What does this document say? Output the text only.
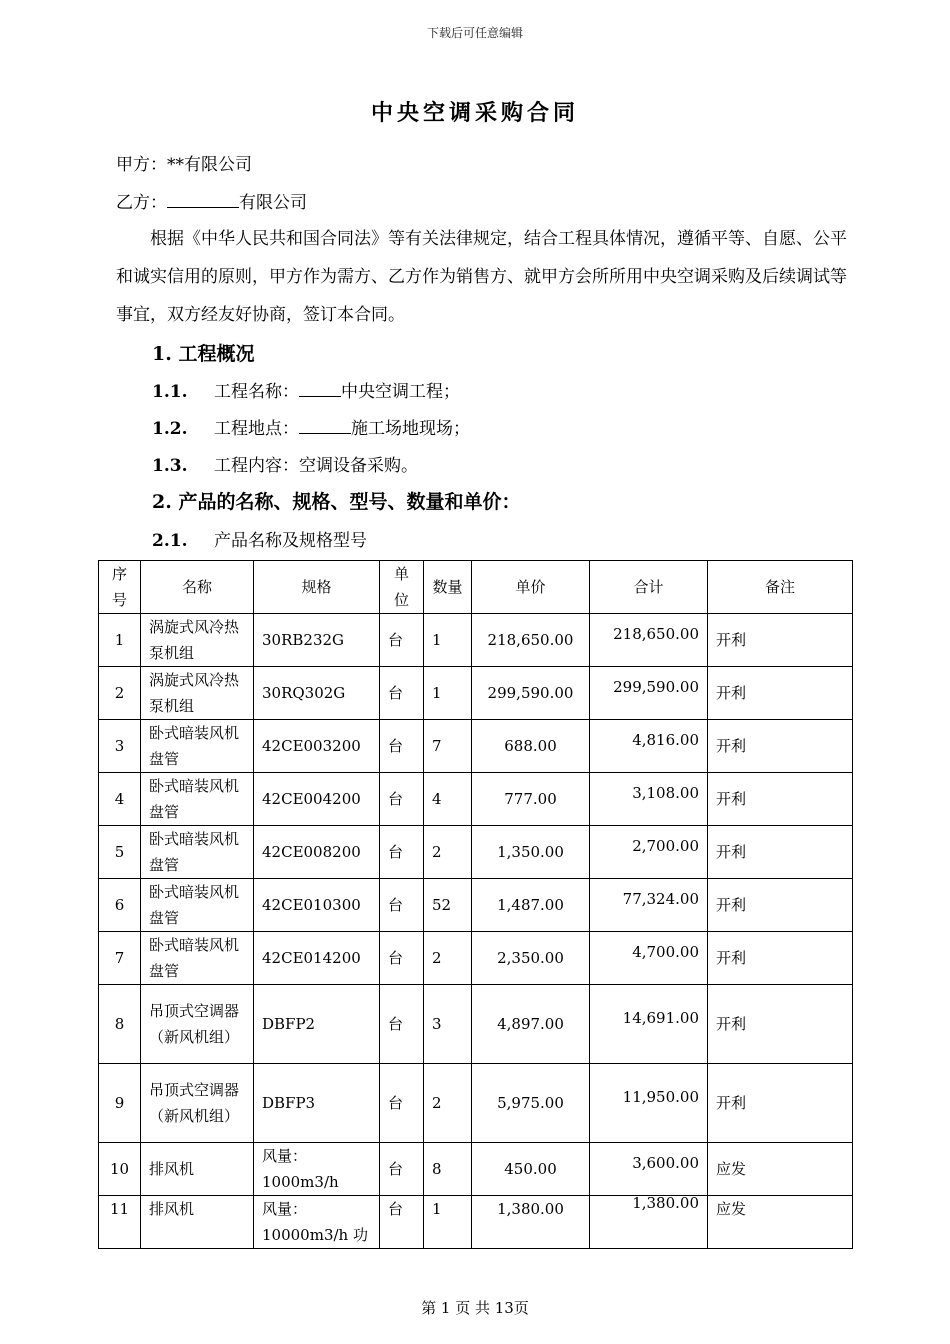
下载后可任意编辑
中央空调采购合同
甲方：**有限公司
乙方：	有限公司
根据《中华人民共和国合同法》等有关法律规定，结合工程具体情况，遵循平等、自愿、公平和诚实信用的原则，甲方作为需方、乙方作为销售方、就甲方会所所用中央空调采购及后续调试等事宜，双方经友好协商，签订本合同。
1. 工程概况
1.1. 工程名称： 中央空调工程；
1.2. 工程地点：	施工场地现场；
1.3. 工程内容：空调设备采购。
2. 产品的名称、规格、型号、数量和单价：
2.1. 产品名称及规格型号
序号	名称	规格	单位	数量	单价	合计	备注
1	涡旋式风冷热泵机组	30RB232G	台	1	218,650.00	218,650.00	开利
2	涡旋式风冷热泵机组	30RQ302G	台	1	299,590.00	299,590.00	开利
3	卧式暗装风机盘管	42CE003200	台	7	688.00	4,816.00	开利
4	卧式暗装风机盘管	42CE004200	台	4	777.00	3,108.00	开利
5	卧式暗装风机盘管	42CE008200	台	2	1,350.00	2,700.00	开利
6	卧式暗装风机盘管	42CE010300	台	52	1,487.00	77,324.00	开利
7	卧式暗装风机盘管	42CE014200	台	2	2,350.00	4,700.00	开利
8	吊顶式空调器（新风机组）	DBFP2	台	3	4,897.00	14,691.00	开利
9	吊顶式空调器（新风机组）	DBFP3	台	2	5,975.00	11,950.00	开利
10	排风机	风量：1000m3/h	台	8	450.00	3,600.00	应发
11	排风机	风量：10000m3/h 功	台	1	1,380.00	1,380.00	应发
第 1 页 共 13页
